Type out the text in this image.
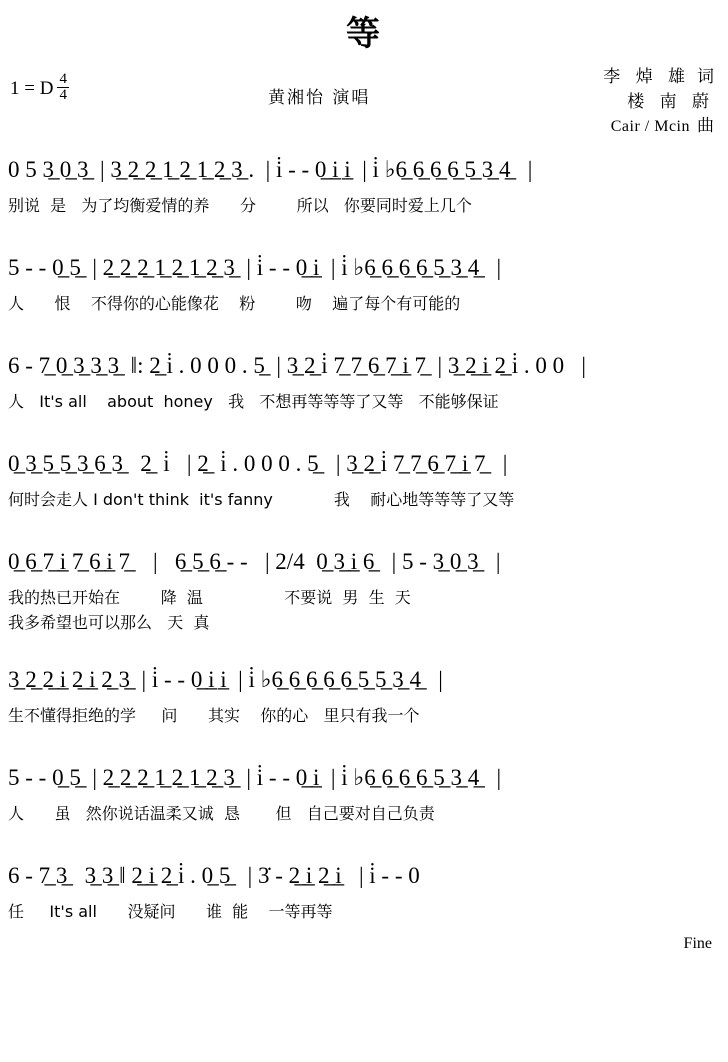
等
1 = D $\frac{4}{4}$	黄湘怡 演唱
李 焯 雄 词
楼 南 蔚
Cair / Mcin 曲
0 5 3̲ 0̲ 3̲  | 3̲ 2̲ 2̲ 1̲ 2̲ 1̲ 2̲ 3̲ .  | i̇ - - 0̲ i̲ i̲  | i̇ ♭6̲ 6̲ 6̲ 6̲ 5̲ 3̲ 4̲   |
别说  是   为了均衡爱情的养      分        所以   你要同时爱上几个
5 - - 0̲ 5̲  | 2̲ 2̲ 2̲ 1̲ 2̲ 1̲ 2̲ 3̲  | i̇ - - 0̲ i̲  | i̇ ♭6̲ 6̲ 6̲ 6̲ 5̲ 3̲ 4̲   |
人      恨    不得你的心能像花    粉        吻    遍了每个有可能的
6 - 7̲ 0̲ 3̲ 3̲ 3̲  ‖: 2̲ i̇ . 0 0 0 . 5̲  | 3̲ 2̲ i̇ 7̲ 7̲ 6̲ 7̲ i̲ 7̲  | 3̲ 2̲ i̲ 2̲ i̇ . 0 0   |
人   It's all    about  honey   我   不想再等等等了又等   不能够保证
0̲ 3̲ 5̲ 5̲ 3̲ 6̲ 3̲   2̲  i̇   | 2̲  i̇ . 0 0 0 . 5̲   | 3̲ 2̲ i̇ 7̲ 7̲ 6̲ 7̲ i̲ 7̲   |
何时会走人 I don't think  it's fanny            我    耐心地等等等了又等
0̲ 6̲ 7̲ i̲ 7̲ 6̲ i̲ 7̲    |   6̲ 5̲ 6̲ - -   | 2/4  0̲ 3̲ i̲ 6̲   | 5 - 3̲ 0̲ 3̲   |
我的热已开始在        降  温                不要说  男  生  天
我多希望也可以那么   天  真
3̲ 2̲ 2̲ i̲ 2̲ i̲ 2̲ 3̲  | i̇ - - 0̲ i̲ i̲  | i̇ ♭6̲ 6̲ 6̲ 6̲ 6̲ 5̲ 5̲ 3̲ 4̲   |
生不懂得拒绝的学     问      其实    你的心   里只有我一个
5 - - 0̲ 5̲  | 2̲ 2̲ 2̲ 1̲ 2̲ 1̲ 2̲ 3̲  | i̇ - - 0̲ i̲  | i̇ ♭6̲ 6̲ 6̲ 6̲ 5̲ 3̲ 4̲   |
人      虽   然你说话温柔又诚  恳       但   自己要对自己负责
6 - 7̲ 3̲   3̲ 3̲ ‖ 2̲ i̲ 2̲ i̇ . 0̲ 5̲   | 3̇ - 2̲ i̲ 2̲ i̲   | i̇ - - 0
任     It's all      没疑问      谁  能    一等再等
Fine
